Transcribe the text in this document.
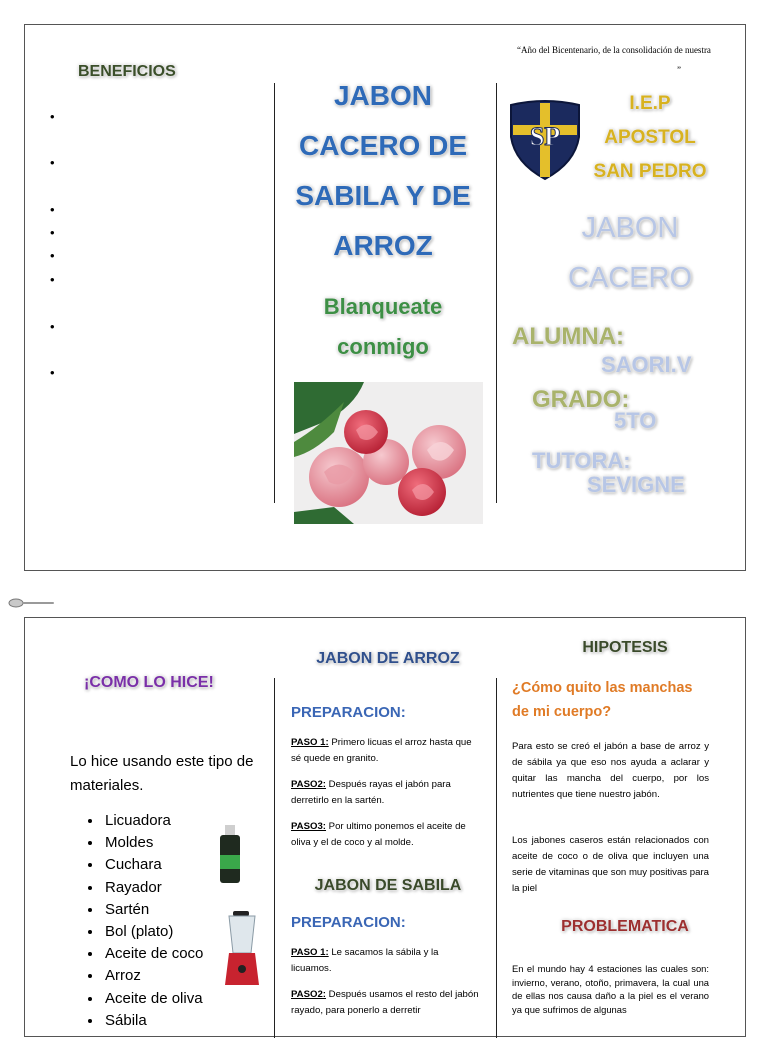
“Año del Bicentenario, de la consolidación de nuestra
”
BENEFICIOS
•
•
•
•
•
•
•
•
JABON
CACERO DE
SABILA Y DE
ARROZ
Blanqueate
conmigo
SP
I.E.P
APOSTOL
SAN PEDRO
JABON
CACERO
ALUMNA:
SAORI.V
GRADO:
5TO
TUTORA:
SEVIGNE
¡COMO LO HICE!
Lo hice usando este tipo de materiales.
• Licuadora
• Moldes
• Cuchara
• Rayador
• Sartén
• Bol (plato)
• Aceite de coco
• Arroz
• Aceite de oliva
• Sábila
JABON DE ARROZ
PREPARACION:
PASO 1: Primero licuas el arroz hasta que sé quede en granito.
PASO2: Después rayas el jabón para derretirlo en la sartén.
PASO3: Por ultimo ponemos el aceite de oliva y el de coco y al molde.
JABON DE SABILA
PREPARACION:
PASO 1: Le sacamos la sábila y la licuamos.
PASO2: Después usamos el resto del jabón rayado, para ponerlo a derretir
HIPOTESIS
¿Cómo quito las manchas de mi cuerpo?
Para esto se creó el jabón a base de arroz y de sábila ya que eso nos ayuda a aclarar y quitar las mancha del cuerpo, por los nutrientes que tiene nuestro jabón.
Los jabones caseros están relacionados con aceite de coco o de oliva que incluyen una serie de vitaminas que son muy positivas para la piel
PROBLEMATICA
En el mundo hay 4 estaciones las cuales son: invierno, verano, otoño, primavera, la cual una de ellas nos causa daño a la piel es el verano ya que sufrimos de algunas
